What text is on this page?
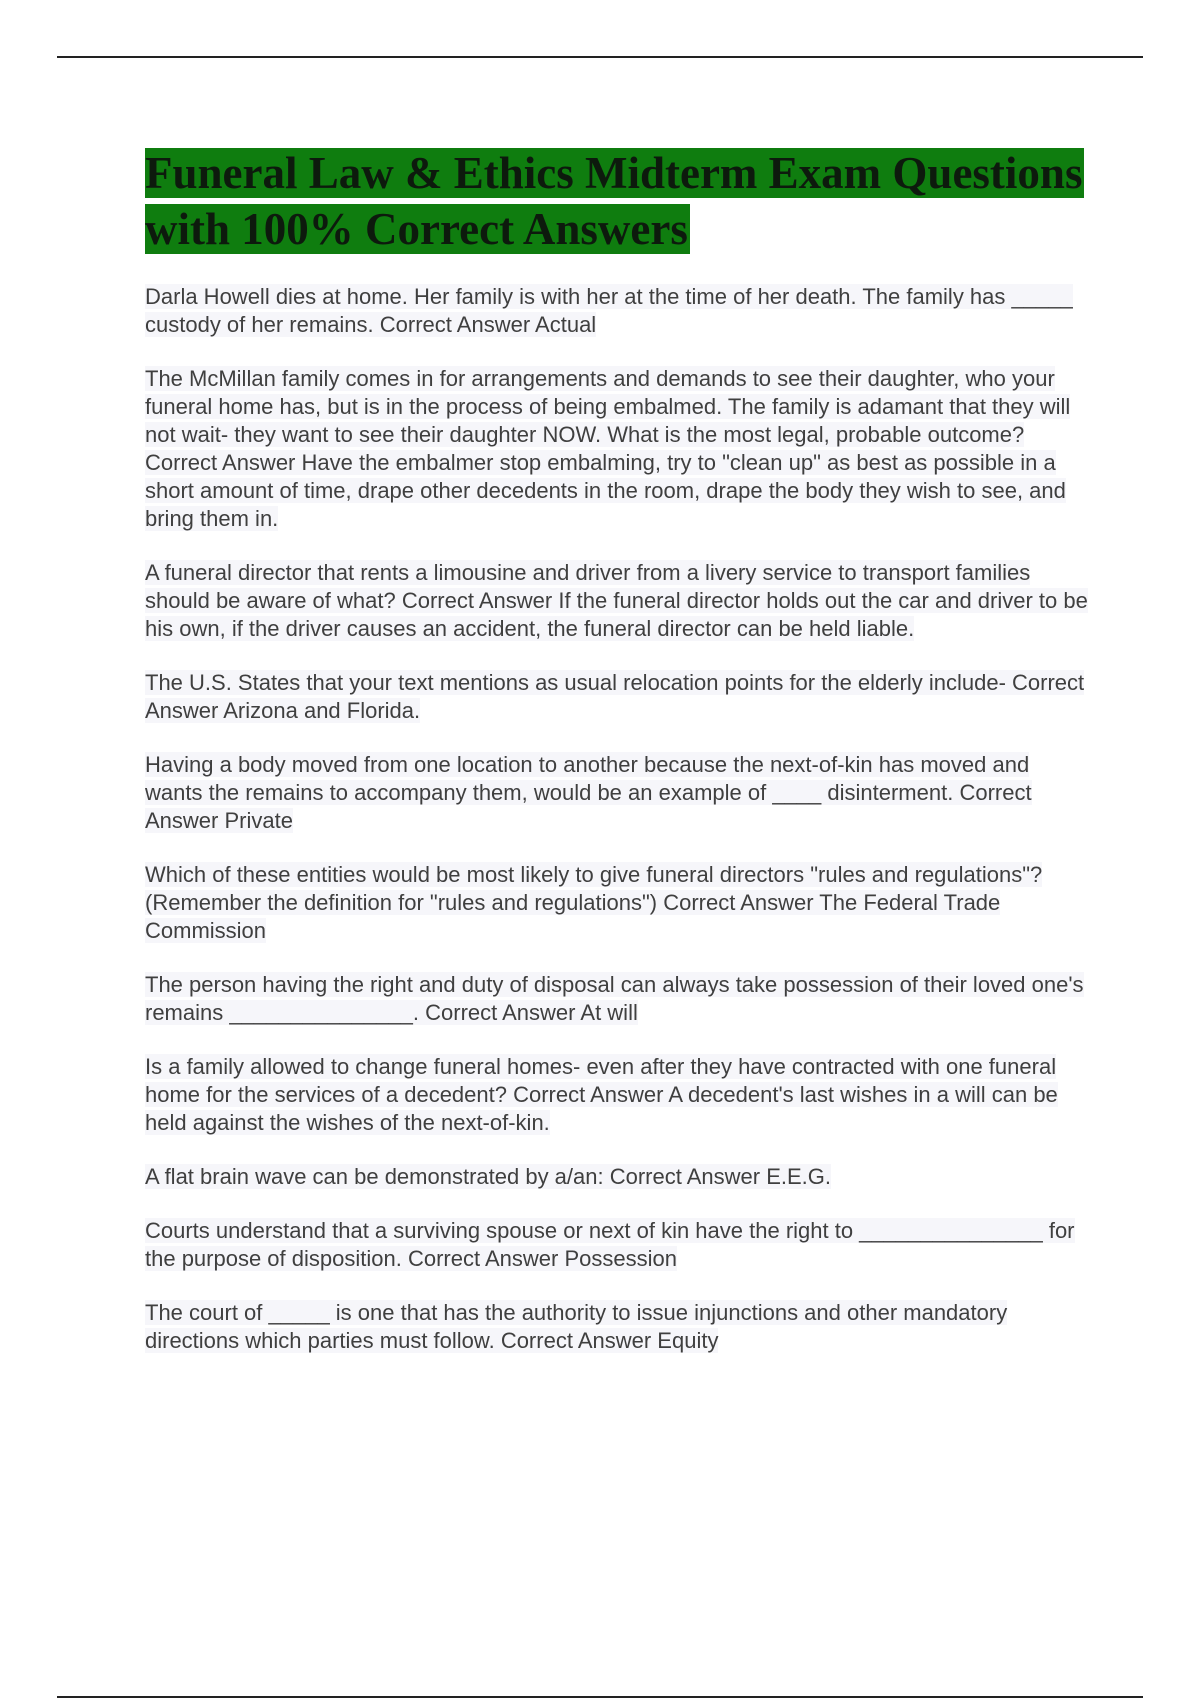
Funeral Law & Ethics Midterm Exam Questions with 100% Correct Answers
Darla Howell dies at home. Her family is with her at the time of her death. The family has _____ custody of her remains. Correct Answer Actual
The McMillan family comes in for arrangements and demands to see their daughter, who your funeral home has, but is in the process of being embalmed. The family is adamant that they will not wait- they want to see their daughter NOW. What is the most legal, probable outcome? Correct Answer Have the embalmer stop embalming, try to "clean up" as best as possible in a short amount of time, drape other decedents in the room, drape the body they wish to see, and bring them in.
A funeral director that rents a limousine and driver from a livery service to transport families should be aware of what? Correct Answer If the funeral director holds out the car and driver to be his own, if the driver causes an accident, the funeral director can be held liable.
The U.S. States that your text mentions as usual relocation points for the elderly include- Correct Answer Arizona and Florida.
Having a body moved from one location to another because the next-of-kin has moved and wants the remains to accompany them, would be an example of ____ disinterment. Correct Answer Private
Which of these entities would be most likely to give funeral directors "rules and regulations"? (Remember the definition for "rules and regulations") Correct Answer The Federal Trade Commission
The person having the right and duty of disposal can always take possession of their loved one's remains _______________. Correct Answer At will
Is a family allowed to change funeral homes- even after they have contracted with one funeral home for the services of a decedent? Correct Answer A decedent's last wishes in a will can be held against the wishes of the next-of-kin.
A flat brain wave can be demonstrated by a/an: Correct Answer E.E.G.
Courts understand that a surviving spouse or next of kin have the right to _______________ for the purpose of disposition. Correct Answer Possession
The court of _____ is one that has the authority to issue injunctions and other mandatory directions which parties must follow. Correct Answer Equity
